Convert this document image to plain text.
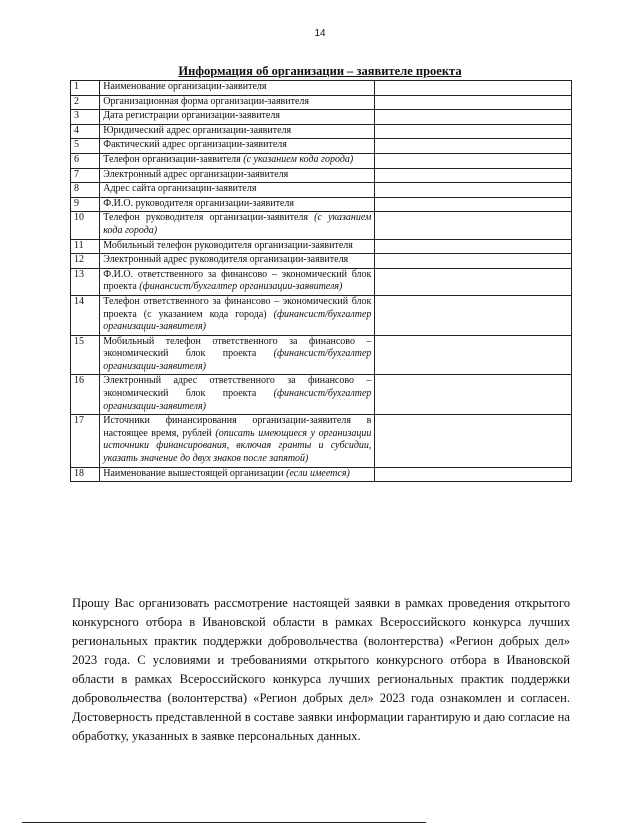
14
Информация об организации – заявителе проекта
1	Наименование организации-заявителя	
2	Организационная форма организации-заявителя	
3	Дата регистрации организации-заявителя	
4	Юридический адрес организации-заявителя	
5	Фактический адрес организации-заявителя	
6	Телефон организации-заявителя (с указанием кода города)	
7	Электронный адрес организации-заявителя	
8	Адрес сайта организации-заявителя	
9	Ф.И.О. руководителя организации-заявителя	
10	Телефон руководителя организации-заявителя (с указанием кода города)	
11	Мобильный телефон руководителя организации-заявителя	
12	Электронный адрес руководителя организации-заявителя	
13	Ф.И.О. ответственного за финансово – экономический блок проекта (финансист/бухгалтер организации-заявителя)	
14	Телефон ответственного за финансово – экономический блок проекта (с указанием кода города) (финансист/бухгалтер организации-заявителя)	
15	Мобильный телефон ответственного за финансово – экономический блок проекта (финансист/бухгалтер организации-заявителя)	
16	Электронный адрес ответственного за финансово – экономический блок проекта (финансист/бухгалтер организации-заявителя)	
17	Источники финансирования организации-заявителя в настоящее время, рублей (описать имеющиеся у организации источники финансирования, включая гранты и субсидии, указать значение до двух знаков после запятой)	
18	Наименование вышестоящей организации (если имеется)	
Прошу Вас организовать рассмотрение настоящей заявки в рамках проведения открытого конкурсного отбора в Ивановской области в рамках Всероссийского конкурса лучших региональных практик поддержки добровольчества (волонтерства) «Регион добрых дел» 2023 года. С условиями и требованиями открытого конкурсного отбора в Ивановской области в рамках Всероссийского конкурса лучших региональных практик поддержки добровольчества (волонтерства) «Регион добрых дел» 2023 года ознакомлен и согласен. Достоверность представленной в составе заявки информации гарантирую и даю согласие на обработку, указанных в заявке персональных данных.
